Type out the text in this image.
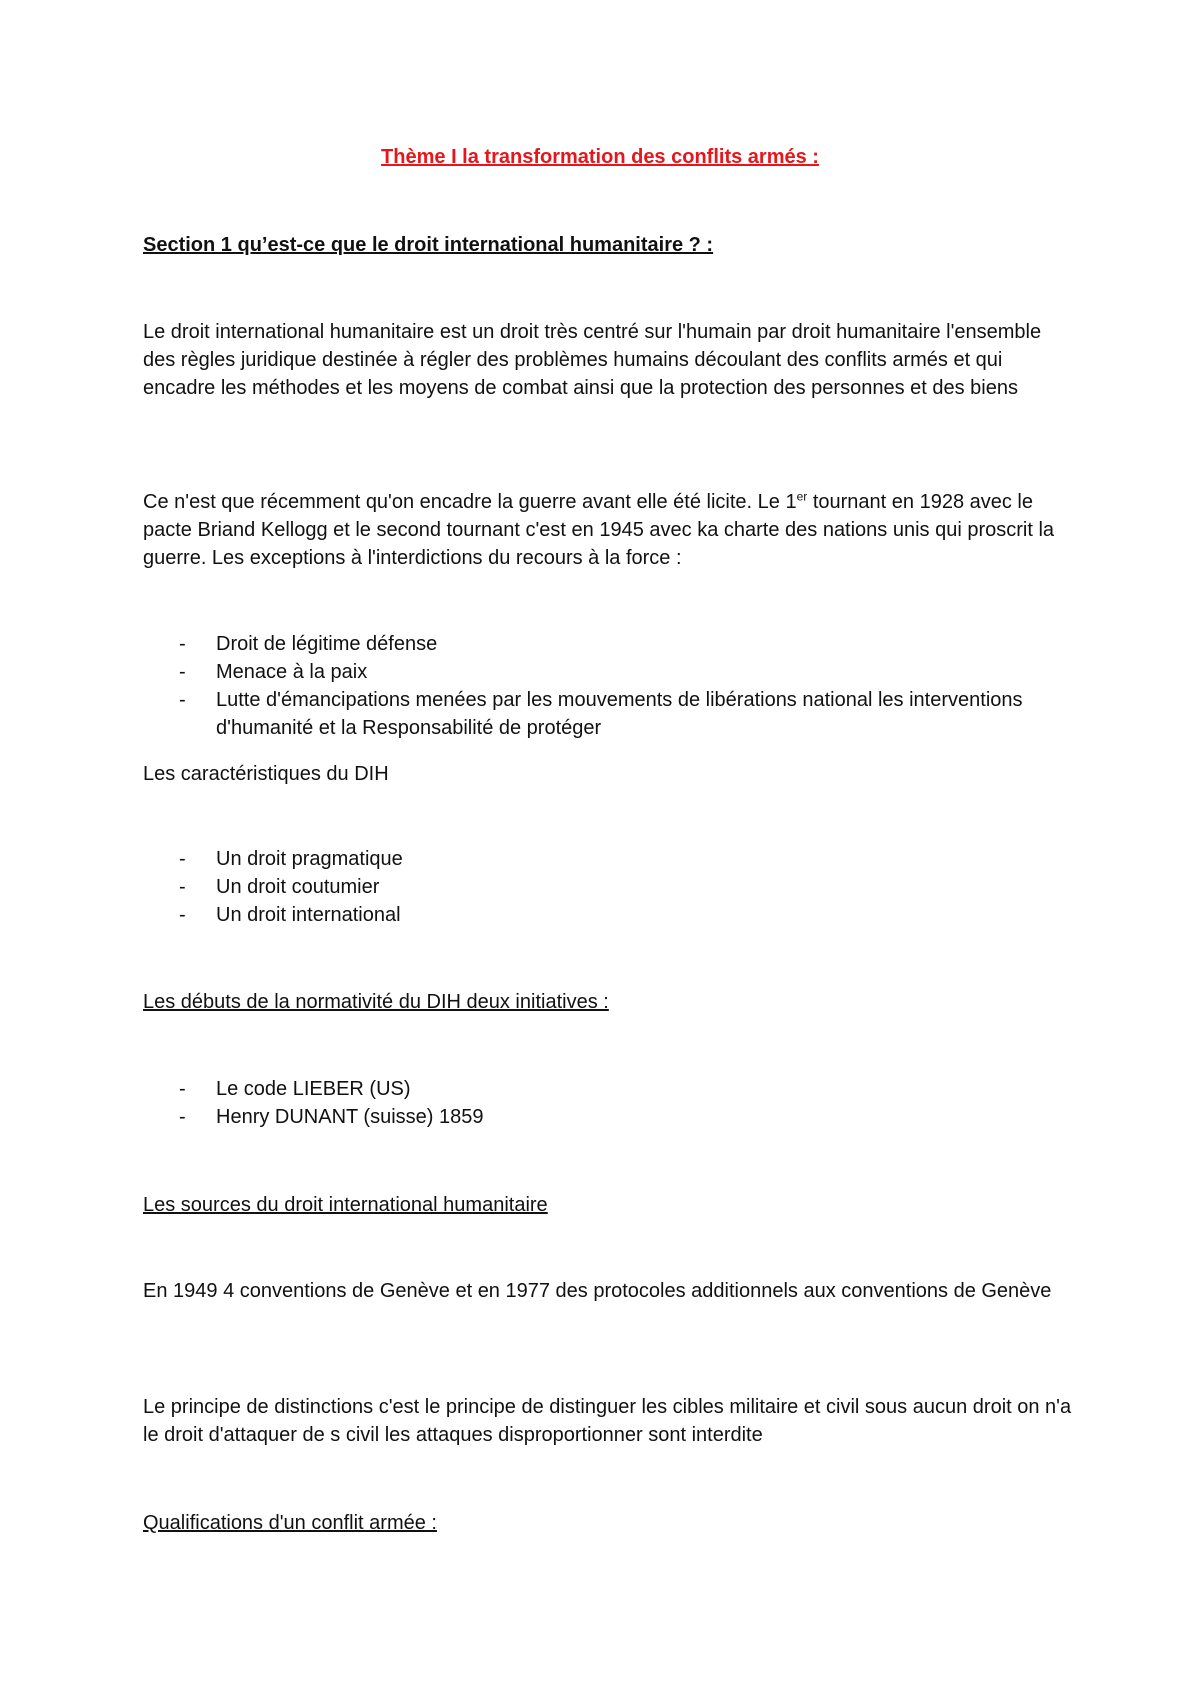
Thème I la transformation des conflits armés :

Section 1 qu’est-ce que le droit international humanitaire ? :

Le droit international humanitaire est un droit très centré sur l'humain par droit humanitaire l'ensemble des règles juridique destinée à régler des problèmes humains découlant des conflits armés et qui encadre les méthodes et les moyens de combat ainsi que la protection des personnes et des biens

Ce n'est que récemment qu'on encadre la guerre avant elle été licite. Le 1er tournant en 1928 avec le pacte Briand Kellogg et le second tournant c'est en 1945 avec ka charte des nations unis qui proscrit la guerre. Les exceptions à l'interdictions du recours à la force :

- Droit de légitime défense
- Menace à la paix
- Lutte d'émancipations menées par les mouvements de libérations national les interventions d'humanité et la Responsabilité de protéger

Les caractéristiques du DIH

- Un droit pragmatique
- Un droit coutumier
- Un droit international

Les débuts de la normativité du DIH deux initiatives :

- Le code LIEBER (US)
- Henry DUNANT (suisse) 1859

Les sources du droit international humanitaire

En 1949 4 conventions de Genève et en 1977 des protocoles additionnels aux conventions de Genève

Le principe de distinctions c'est le principe de distinguer les cibles militaire et civil sous aucun droit on n'a le droit d'attaquer de s civil les attaques disproportionner sont interdite

Qualifications d'un conflit armée :
